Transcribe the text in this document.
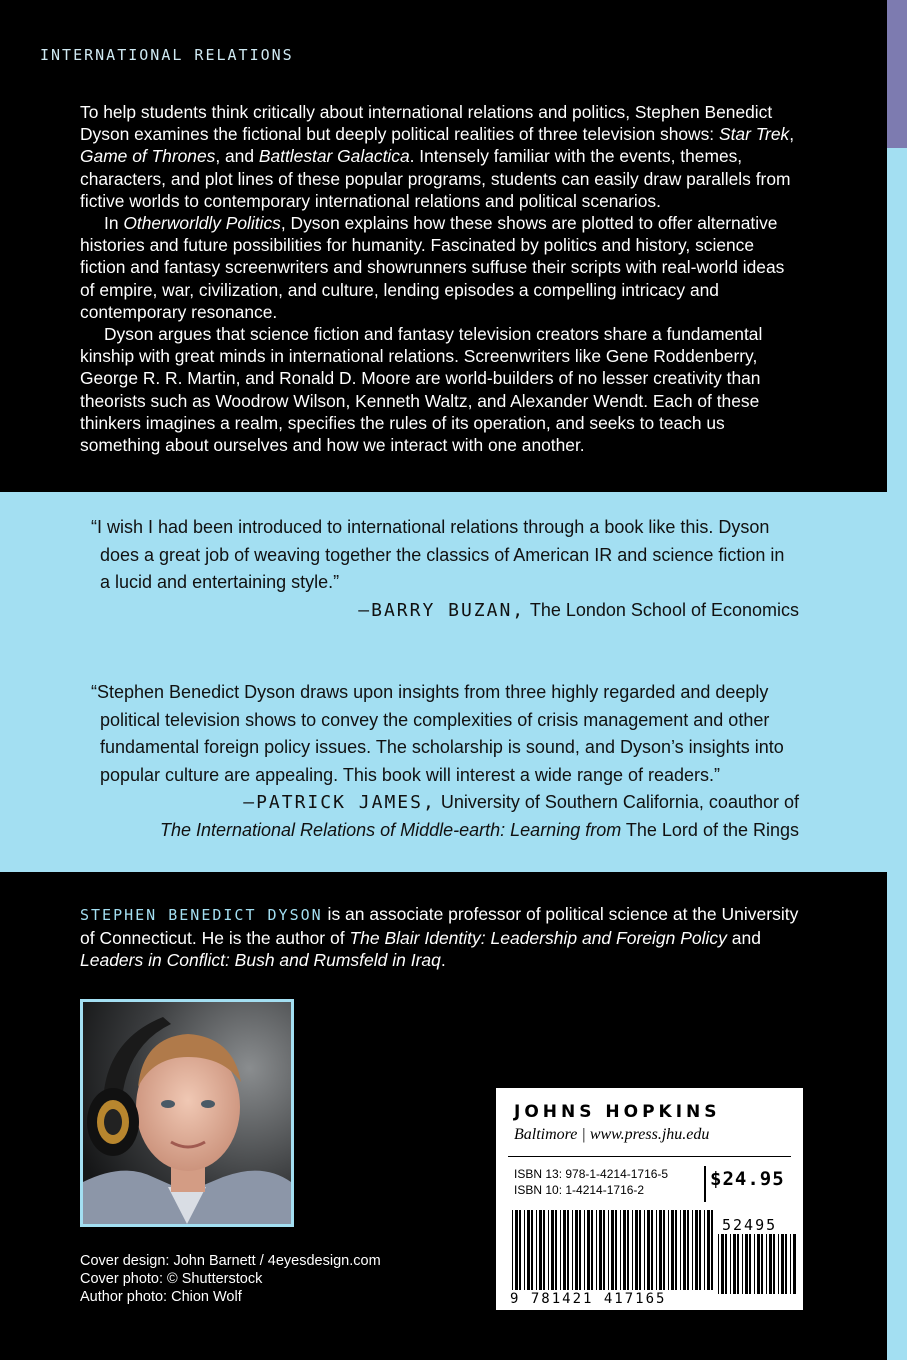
INTERNATIONAL RELATIONS

To help students think critically about international relations and politics, Stephen Benedict Dyson examines the fictional but deeply political realities of three television shows: Star Trek, Game of Thrones, and Battlestar Galactica. Intensely familiar with the events, themes, characters, and plot lines of these popular programs, students can easily draw parallels from fictive worlds to contemporary international relations and political scenarios.

In Otherworldly Politics, Dyson explains how these shows are plotted to offer alternative histories and future possibilities for humanity. Fascinated by politics and history, science fiction and fantasy screenwriters and showrunners suffuse their scripts with real-world ideas of empire, war, civilization, and culture, lending episodes a compelling intricacy and contemporary resonance.

Dyson argues that science fiction and fantasy television creators share a fundamental kinship with great minds in international relations. Screenwriters like Gene Roddenberry, George R. R. Martin, and Ronald D. Moore are world-builders of no lesser creativity than theorists such as Woodrow Wilson, Kenneth Waltz, and Alexander Wendt. Each of these thinkers imagines a realm, specifies the rules of its operation, and seeks to teach us something about ourselves and how we interact with one another.

“I wish I had been introduced to international relations through a book like this. Dyson does a great job of weaving together the classics of American IR and science fiction in a lucid and entertaining style.”
—BARRY BUZAN, The London School of Economics
“Stephen Benedict Dyson draws upon insights from three highly regarded and deeply political television shows to convey the complexities of crisis management and other fundamental foreign policy issues. The scholarship is sound, and Dyson’s insights into popular culture are appealing. This book will interest a wide range of readers.”
—PATRICK JAMES, University of Southern California, coauthor of
The International Relations of Middle-earth: Learning from The Lord of the Rings
STEPHEN BENEDICT DYSON is an associate professor of political science at the University of Connecticut. He is the author of The Blair Identity: Leadership and Foreign Policy and Leaders in Conflict: Bush and Rumsfeld in Iraq.
Cover design: John Barnett / 4eyesdesign.com
Cover photo: © Shutterstock
Author photo: Chion Wolf
JOHNS HOPKINS
Baltimore | www.press.jhu.edu
ISBN 13: 978-1-4214-1716-5
ISBN 10: 1-4214-1716-2	$24.95
52495
9 781421 417165
